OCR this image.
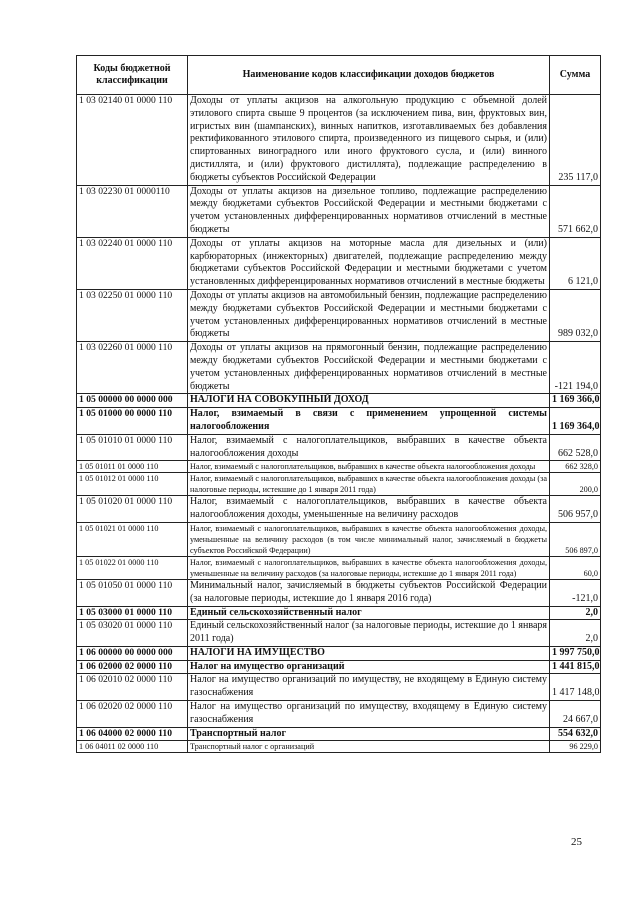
Коды бюджетной классификации	Наименование кодов классификации доходов бюджетов	Сумма
1 03 02140 01 0000 110	Доходы от уплаты акцизов на алкогольную продукцию с объемной долей этилового спирта свыше 9 процентов (за исключением пива, вин, фруктовых вин, игристых вин (шампанских), винных напитков, изготавливаемых без добавления ректификованного этилового спирта, произведенного из пищевого сырья, и (или) спиртованных виноградного или иного фруктового сусла, и (или) винного дистиллята, и (или) фруктового дистиллята), подлежащие распределению в бюджеты субъектов Российской Федерации	235 117,0
1 03 02230 01 0000110	Доходы от уплаты акцизов на дизельное топливо, подлежащие распределению между бюджетами субъектов Российской Федерации и местными бюджетами с учетом установленных дифференцированных нормативов отчислений в местные бюджеты	571 662,0
1 03 02240 01 0000 110	Доходы от уплаты акцизов на моторные масла для дизельных и (или) карбюраторных (инжекторных) двигателей, подлежащие распределению между бюджетами субъектов Российской Федерации и местными бюджетами с учетом установленных дифференцированных нормативов отчислений в местные бюджеты	6 121,0
1 03 02250 01 0000 110	Доходы от уплаты акцизов на автомобильный бензин, подлежащие распределению между бюджетами субъектов Российской Федерации и местными бюджетами с учетом установленных дифференцированных нормативов отчислений в местные бюджеты	989 032,0
1 03 02260 01 0000 110	Доходы от уплаты акцизов на прямогонный бензин, подлежащие распределению между бюджетами субъектов Российской Федерации и местными бюджетами с учетом установленных дифференцированных нормативов отчислений в местные бюджеты	-121 194,0
1 05 00000 00 0000 000	НАЛОГИ НА СОВОКУПНЫЙ ДОХОД	1 169 366,0
1 05 01000 00 0000 110	Налог, взимаемый в связи с применением упрощенной системы налогообложения	1 169 364,0
1 05 01010 01 0000 110	Налог, взимаемый с налогоплательщиков, выбравших в качестве объекта налогообложения доходы	662 528,0
1 05 01011 01 0000 110	Налог, взимаемый с налогоплательщиков, выбравших в качестве объекта налогообложения доходы	662 328,0
1 05 01012 01 0000 110	Налог, взимаемый с налогоплательщиков, выбравших в качестве объекта налогообложения доходы (за налоговые периоды, истекшие до 1 января 2011 года)	200,0
1 05 01020 01 0000 110	Налог, взимаемый с налогоплательщиков, выбравших в качестве объекта налогообложения доходы, уменьшенные на величину расходов	506 957,0
1 05 01021 01 0000 110	Налог, взимаемый с налогоплательщиков, выбравших в качестве объекта налогообложения доходы, уменьшенные на величину расходов (в том числе минимальный налог, зачисляемый в бюджеты субъектов Российской Федерации)	506 897,0
1 05 01022 01 0000 110	Налог, взимаемый с налогоплательщиков, выбравших в качестве объекта налогообложения доходы, уменьшенные на величину расходов (за налоговые периоды, истекшие до 1 января 2011 года)	60,0
1 05 01050 01 0000 110	Минимальный налог, зачисляемый в бюджеты субъектов Российской Федерации (за налоговые периоды, истекшие до 1 января 2016 года)	-121,0
1 05 03000 01 0000 110	Единый сельскохозяйственный налог	2,0
1 05 03020 01 0000 110	Единый сельскохозяйственный налог (за налоговые периоды, истекшие до 1 января 2011 года)	2,0
1 06 00000 00 0000 000	НАЛОГИ НА ИМУЩЕСТВО	1 997 750,0
1 06 02000 02 0000 110	Налог на имущество организаций	1 441 815,0
1 06 02010 02 0000 110	Налог на имущество организаций по имуществу, не входящему в Единую систему газоснабжения	1 417 148,0
1 06 02020 02 0000 110	Налог на имущество организаций по имуществу, входящему в Единую систему газоснабжения	24 667,0
1 06 04000 02 0000 110	Транспортный налог	554 632,0
1 06 04011 02 0000 110	Транспортный налог с организаций	96 229,0
25
